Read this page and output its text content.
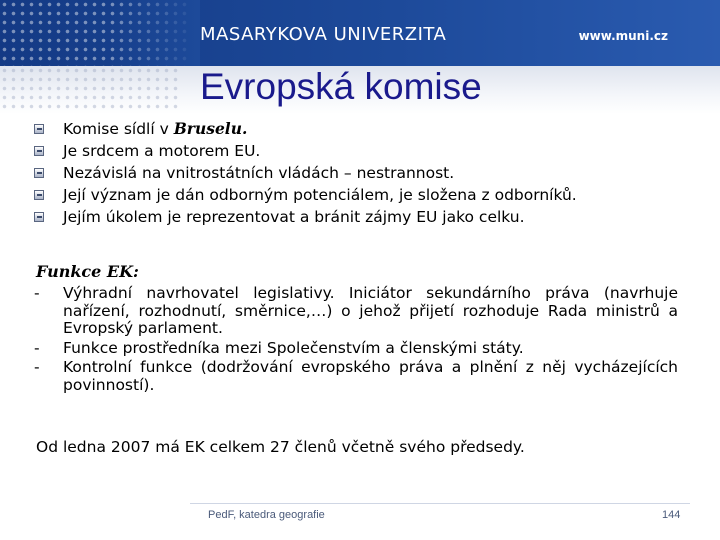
MASARYKOVA UNIVERZITA	www.muni.cz
Evropská komise
Komise sídlí v Bruselu.
Je srdcem a motorem EU.
Nezávislá na vnitrostátních vládách – nestrannost.
Její význam je dán odborným potenciálem, je složena z odborníků.
Jejím úkolem je reprezentovat a bránit zájmy EU jako celku.
Funkce EK:
- Výhradní navrhovatel legislativy. Iniciátor sekundárního práva (navrhuje nařízení, rozhodnutí, směrnice,…) o jehož přijetí rozhoduje Rada ministrů a Evropský parlament.
- Funkce prostředníka mezi Společenstvím a členskými státy.
- Kontrolní funkce (dodržování evropského práva a plnění z něj vycházejících povinností).
Od ledna 2007 má EK celkem 27 členů včetně svého předsedy.
PedF, katedra geografie	144
